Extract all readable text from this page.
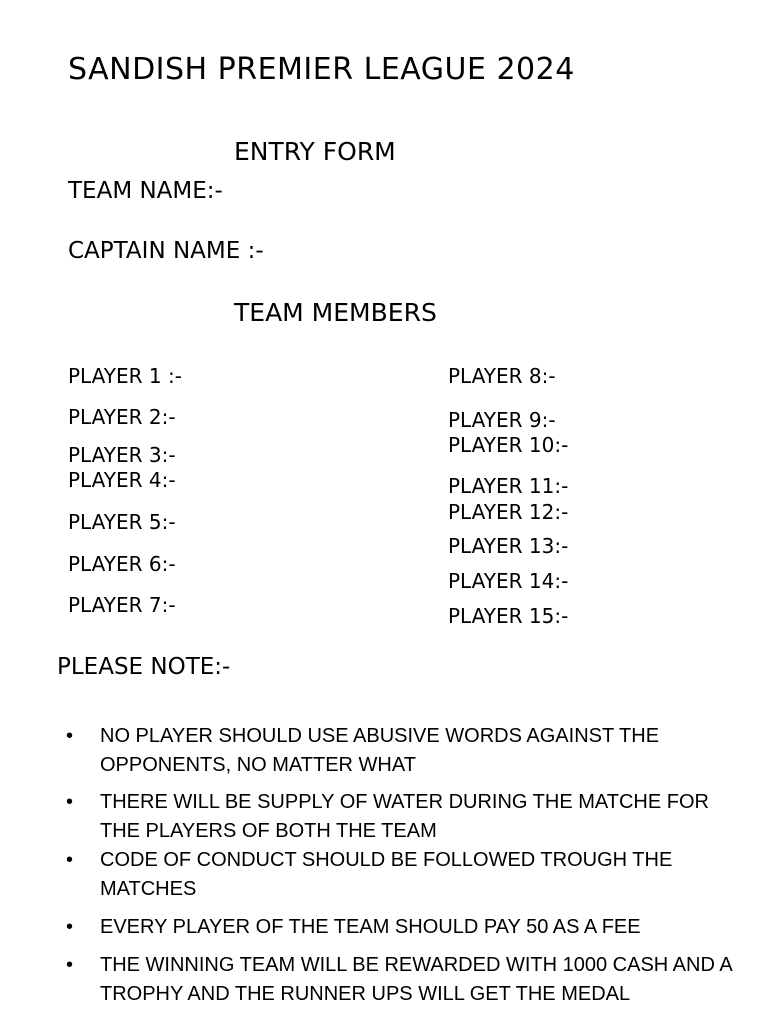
SANDISH PREMIER LEAGUE 2024
ENTRY FORM
TEAM NAME:-
CAPTAIN NAME :-
TEAM MEMBERS
PLAYER 1 :-
PLAYER 2:-
PLAYER 3:-
PLAYER 4:-
PLAYER 5:-
PLAYER 6:-
PLAYER 7:-
PLAYER 8:-
PLAYER 9:-
PLAYER 10:-
PLAYER 11:-
PLAYER 12:-
PLAYER 13:-
PLAYER 14:-
PLAYER 15:-
PLEASE NOTE:-
• NO PLAYER SHOULD USE ABUSIVE WORDS AGAINST THE OPPONENTS, NO MATTER WHAT
• THERE WILL BE SUPPLY OF WATER DURING THE MATCHE FOR THE PLAYERS OF BOTH THE TEAM
• CODE OF CONDUCT SHOULD BE FOLLOWED TROUGH THE MATCHES
• EVERY PLAYER OF THE TEAM SHOULD PAY 50 AS A FEE
• THE WINNING TEAM WILL BE REWARDED WITH 1000 CASH AND A TROPHY AND THE RUNNER UPS WILL GET THE MEDAL
